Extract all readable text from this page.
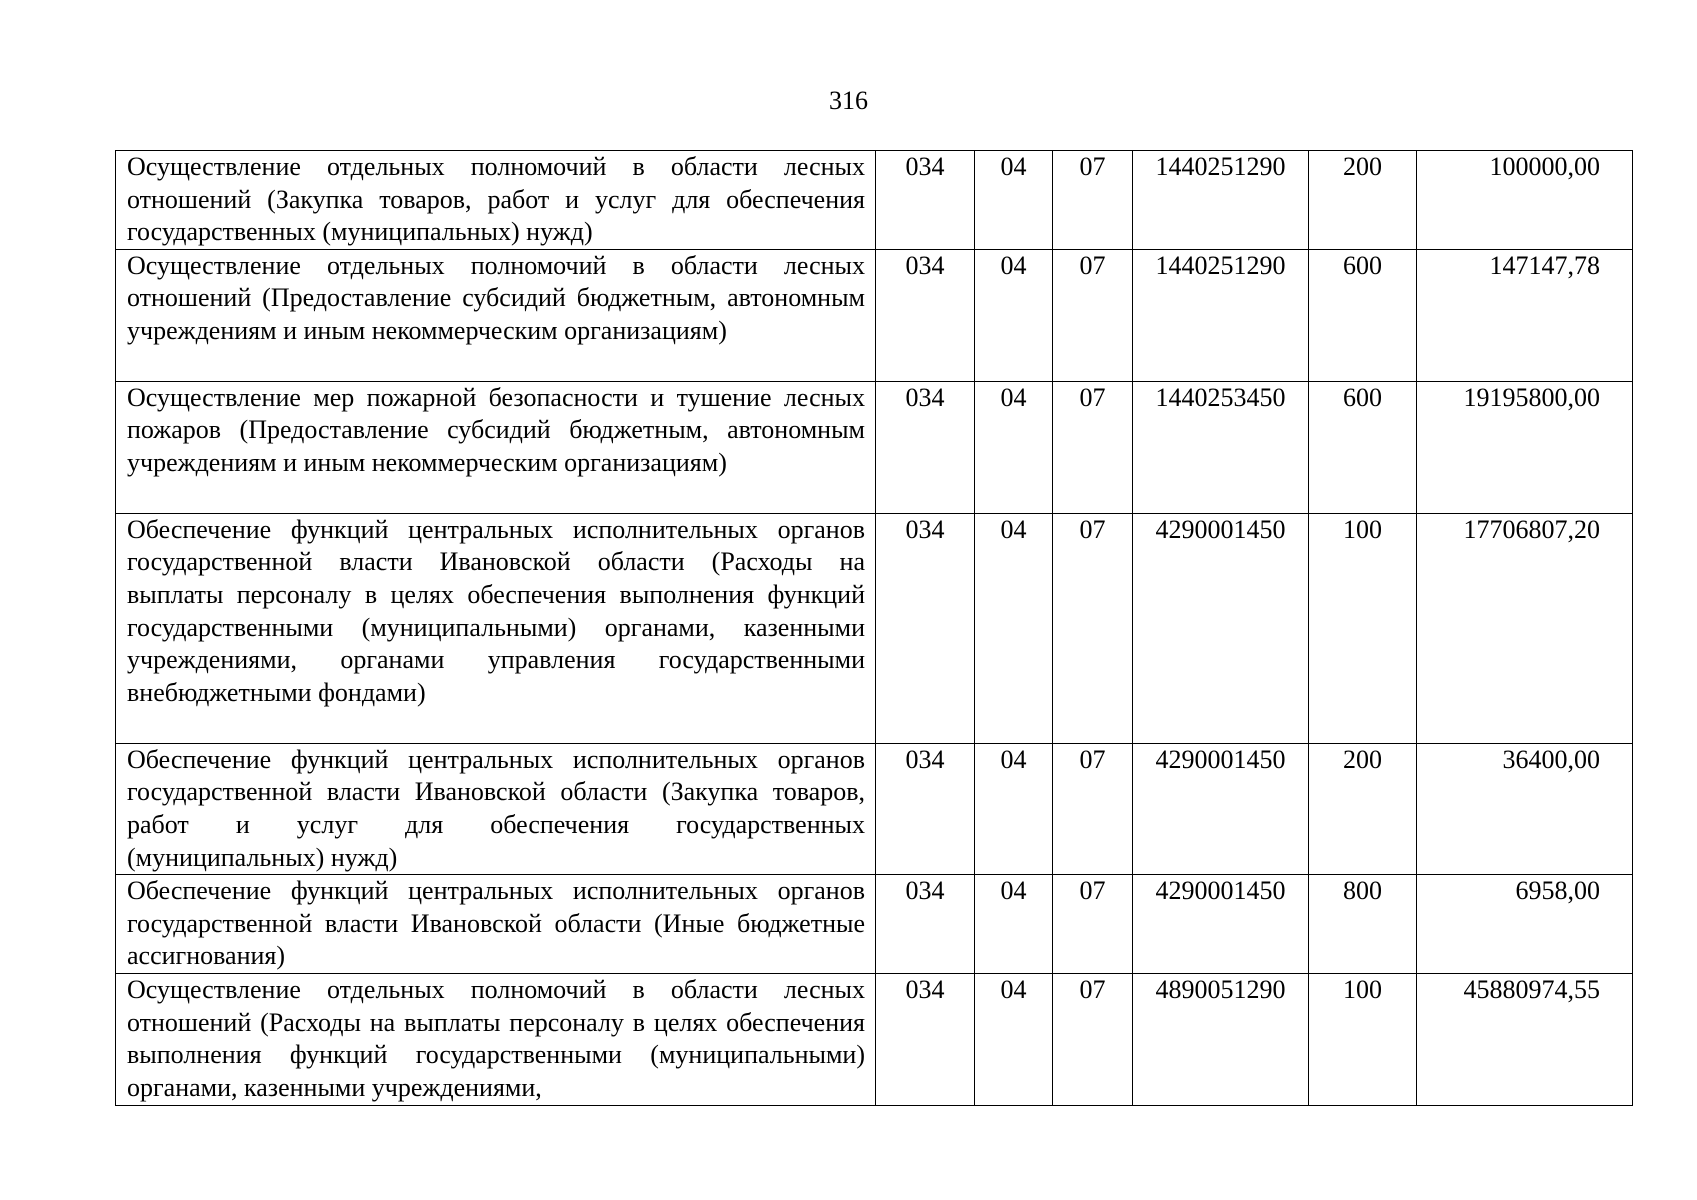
316
Осуществление отдельных полномочий в области лесных отношений (Закупка товаров, работ и услуг для обеспечения государственных (муниципальных) нужд)	034	04	07	1440251290	200	100000,00
Осуществление отдельных полномочий в области лесных отношений (Предоставление субсидий бюджетным, автономным учреждениям и иным некоммерческим организациям)	034	04	07	1440251290	600	147147,78
Осуществление мер пожарной безопасности и тушение лесных пожаров (Предоставление субсидий бюджетным, автономным учреждениям и иным некоммерческим организациям)	034	04	07	1440253450	600	19195800,00
Обеспечение функций центральных исполнительных органов государственной власти Ивановской области (Расходы на выплаты персоналу в целях обеспечения выполнения функций государственными (муниципальными) органами, казенными учреждениями, органами управления государственными внебюджетными фондами)	034	04	07	4290001450	100	17706807,20
Обеспечение функций центральных исполнительных органов государственной власти Ивановской области (Закупка товаров, работ и услуг для обеспечения государственных (муниципальных) нужд)	034	04	07	4290001450	200	36400,00
Обеспечение функций центральных исполнительных органов государственной власти Ивановской области (Иные бюджетные ассигнования)	034	04	07	4290001450	800	6958,00
Осуществление отдельных полномочий в области лесных отношений (Расходы на выплаты персоналу в целях обеспечения выполнения функций государственными (муниципальными) органами, казенными учреждениями,	034	04	07	4890051290	100	45880974,55
